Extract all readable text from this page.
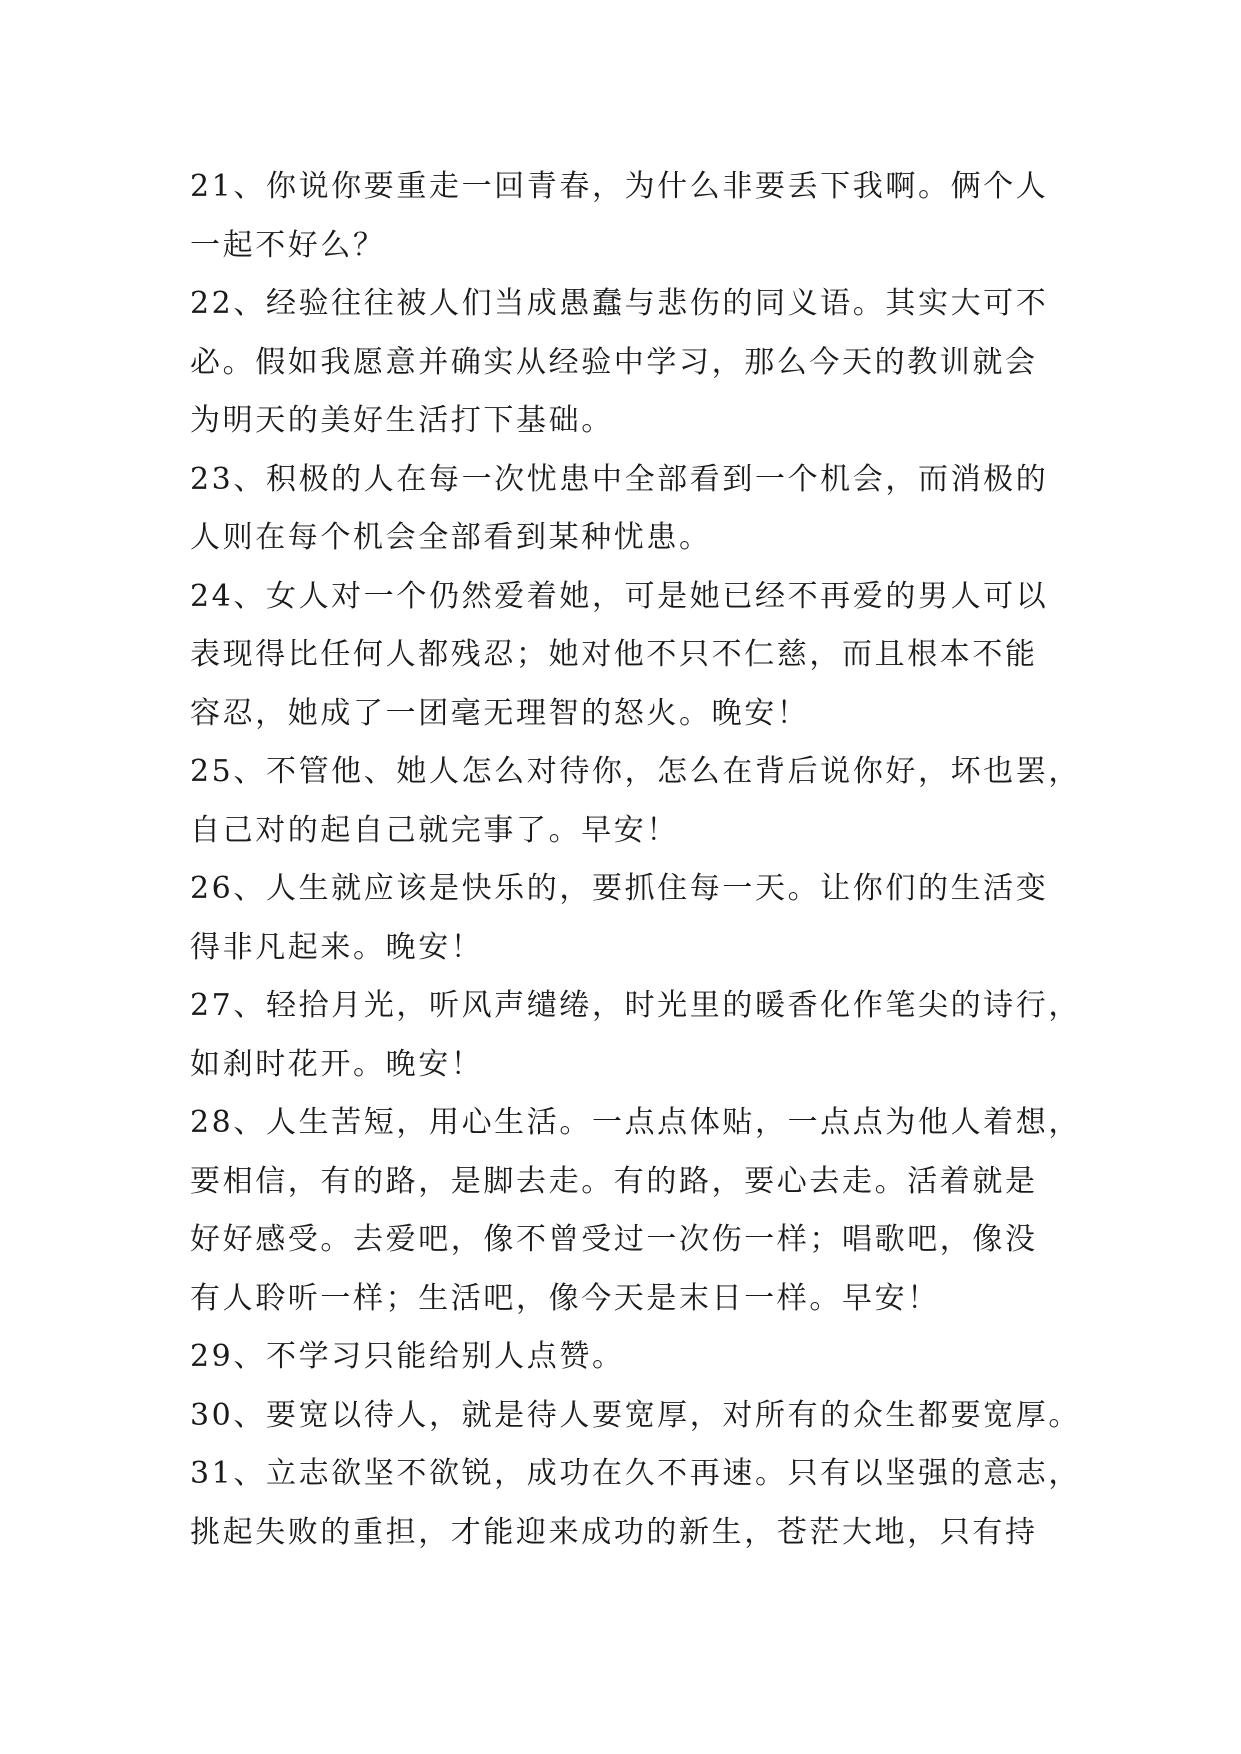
21、你说你要重走一回青春，为什么非要丢下我啊。俩个人
一起不好么？
22、经验往往被人们当成愚蠢与悲伤的同义语。其实大可不
必。假如我愿意并确实从经验中学习，那么今天的教训就会
为明天的美好生活打下基础。
23、积极的人在每一次忧患中全部看到一个机会，而消极的
人则在每个机会全部看到某种忧患。
24、女人对一个仍然爱着她，可是她已经不再爱的男人可以
表现得比任何人都残忍；她对他不只不仁慈，而且根本不能
容忍，她成了一团毫无理智的怒火。晚安！
25、不管他、她人怎么对待你，怎么在背后说你好，坏也罢，
自己对的起自己就完事了。早安！
26、人生就应该是快乐的，要抓住每一天。让你们的生活变
得非凡起来。晚安！
27、轻拾月光，听风声缱绻，时光里的暖香化作笔尖的诗行，
如刹时花开。晚安！
28、人生苦短，用心生活。一点点体贴，一点点为他人着想，
要相信，有的路，是脚去走。有的路，要心去走。活着就是
好好感受。去爱吧，像不曾受过一次伤一样；唱歌吧，像没
有人聆听一样；生活吧，像今天是末日一样。早安！
29、不学习只能给别人点赞。
30、要宽以待人，就是待人要宽厚，对所有的众生都要宽厚。
31、立志欲坚不欲锐，成功在久不再速。只有以坚强的意志，
挑起失败的重担，才能迎来成功的新生，苍茫大地，只有持
